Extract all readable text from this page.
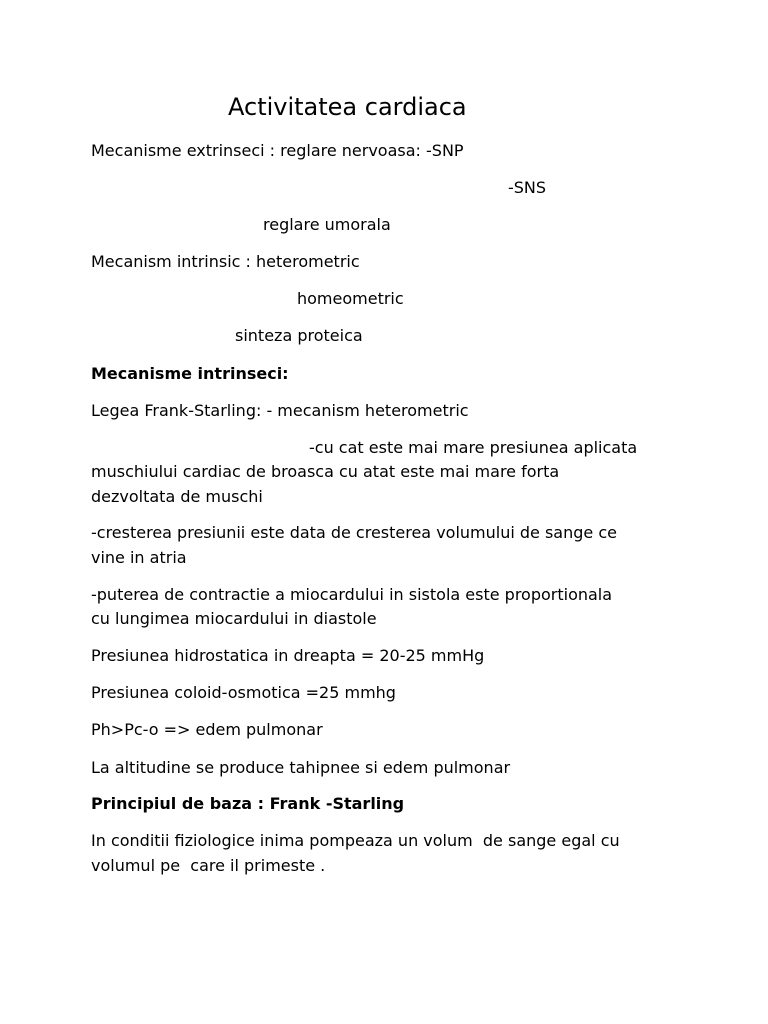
Activitatea cardiaca

Mecanisme extrinseci : reglare nervoasa: -SNP

-SNS

reglare umorala

Mecanism intrinsic : heterometric

homeometric

sinteza proteica

Mecanisme intrinseci:

Legea Frank-Starling: - mecanism heterometric

-cu cat este mai mare presiunea aplicata

muschiului cardiac de broasca cu atat este mai mare forta

dezvoltata de muschi

-cresterea presiunii este data de cresterea volumului de sange ce

vine in atria

-puterea de contractie a miocardului in sistola este proportionala

cu lungimea miocardului in diastole

Presiunea hidrostatica in dreapta = 20-25 mmHg

Presiunea coloid-osmotica =25 mmhg

Ph>Pc-o => edem pulmonar

La altitudine se produce tahipnee si edem pulmonar

Principiul de baza : Frank -Starling

In conditii fiziologice inima pompeaza un volum  de sange egal cu

volumul pe  care il primeste .
